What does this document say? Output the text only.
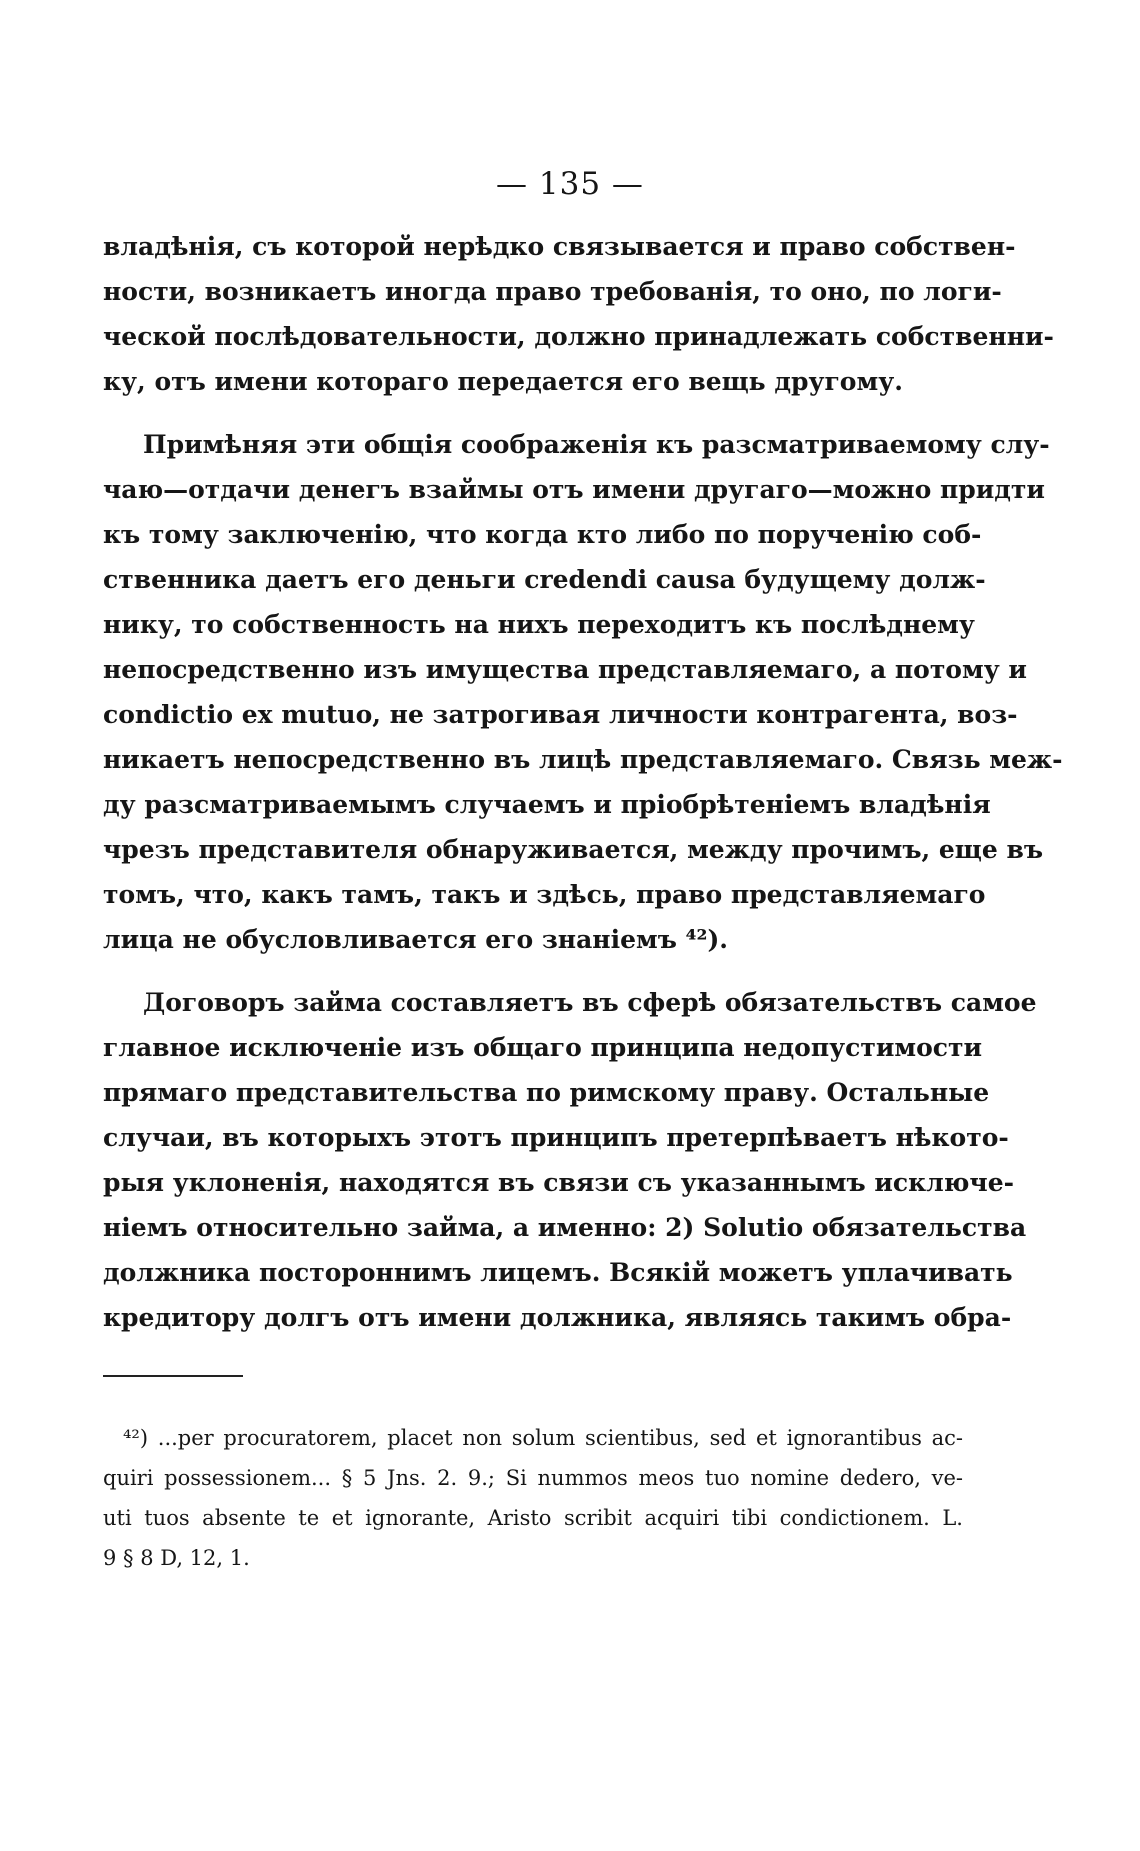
— 135 —
владѣнія, съ которой нерѣдко связывается и право собствен-
ности, возникаетъ иногда право требованія, то оно, по логи-
ческой послѣдовательности, должно принадлежать собственни-
ку, отъ имени котораго передается его вещь другому.
Примѣняя эти общія соображенія къ разсматриваемому слу-
чаю—отдачи денегъ взаймы отъ имени другаго—можно придти
къ тому заключенію, что когда кто либо по порученію соб-
ственника даетъ его деньги credendi causa будущему долж-
нику, то собственность на нихъ переходитъ къ послѣднему
непосредственно изъ имущества представляемаго, а потому и
condictio ex mutuo, не затрогивая личности контрагента, воз-
никаетъ непосредственно въ лицѣ представляемаго. Связь меж-
ду разсматриваемымъ случаемъ и пріобрѣтеніемъ владѣнія
чрезъ представителя обнаруживается, между прочимъ, еще въ
томъ, что, какъ тамъ, такъ и здѣсь, право представляемаго
лица не обусловливается его знаніемъ ⁴²).
Договоръ займа составляетъ въ сферѣ обязательствъ самое
главное исключеніе изъ общаго принципа недопустимости
прямаго представительства по римскому праву. Остальные
случаи, въ которыхъ этотъ принципъ претерпѣваетъ нѣкото-
рыя уклоненія, находятся въ связи съ указаннымъ исключе-
ніемъ относительно займа, а именно: 2) Solutio обязательства
должника постороннимъ лицемъ. Всякій можетъ уплачивать
кредитору долгъ отъ имени должника, являясь такимъ обра-
⁴²) ...per procuratorem, placet non solum scientibus, sed et ignorantibus ac-
quiri possessionem... § 5 Jns. 2. 9.; Si nummos meos tuo nomine dedero, ve-
uti tuos absente te et ignorante, Aristo scribit acquiri tibi condictionem. L.
9 § 8 D, 12, 1.
